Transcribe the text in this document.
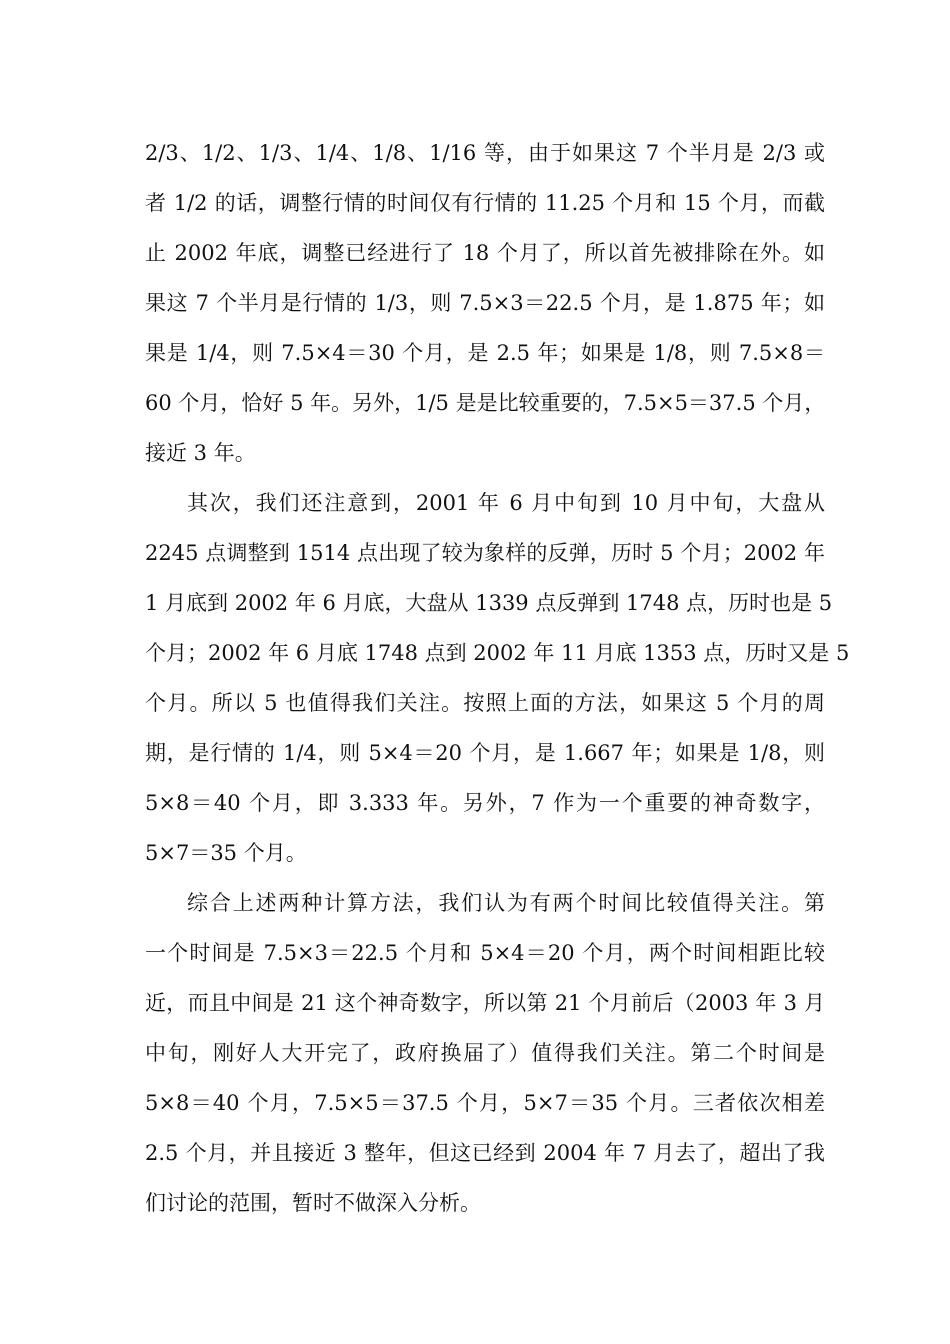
2/3、1/2、1/3、1/4、1/8、1/16 等，由于如果这 7 个半月是 2/3 或
者 1/2 的话，调整行情的时间仅有行情的 11.25 个月和 15 个月，而截
止 2002 年底，调整已经进行了 18 个月了，所以首先被排除在外。如
果这 7 个半月是行情的 1/3，则 7.5×3＝22.5 个月，是 1.875 年；如
果是 1/4，则 7.5×4＝30 个月，是 2.5 年；如果是 1/8，则 7.5×8＝
60 个月，恰好 5 年。另外，1/5 是是比较重要的，7.5×5＝37.5 个月，
接近 3 年。
其次，我们还注意到，2001 年 6 月中旬到 10 月中旬，大盘从
2245 点调整到 1514 点出现了较为象样的反弹，历时 5 个月；2002 年
1 月底到 2002 年 6 月底，大盘从 1339 点反弹到 1748 点，历时也是 5
个月；2002 年 6 月底 1748 点到 2002 年 11 月底 1353 点，历时又是 5
个月。所以 5 也值得我们关注。按照上面的方法，如果这 5 个月的周
期，是行情的 1/4，则 5×4＝20 个月，是 1.667 年；如果是 1/8，则
5×8＝40 个月，即 3.333 年。另外，7 作为一个重要的神奇数字，
5×7＝35 个月。
综合上述两种计算方法，我们认为有两个时间比较值得关注。第
一个时间是 7.5×3＝22.5 个月和 5×4＝20 个月，两个时间相距比较
近，而且中间是 21 这个神奇数字，所以第 21 个月前后（2003 年 3 月
中旬，刚好人大开完了，政府换届了）值得我们关注。第二个时间是
5×8＝40 个月，7.5×5＝37.5 个月，5×7＝35 个月。三者依次相差
2.5 个月，并且接近 3 整年，但这已经到 2004 年 7 月去了，超出了我
们讨论的范围，暂时不做深入分析。
